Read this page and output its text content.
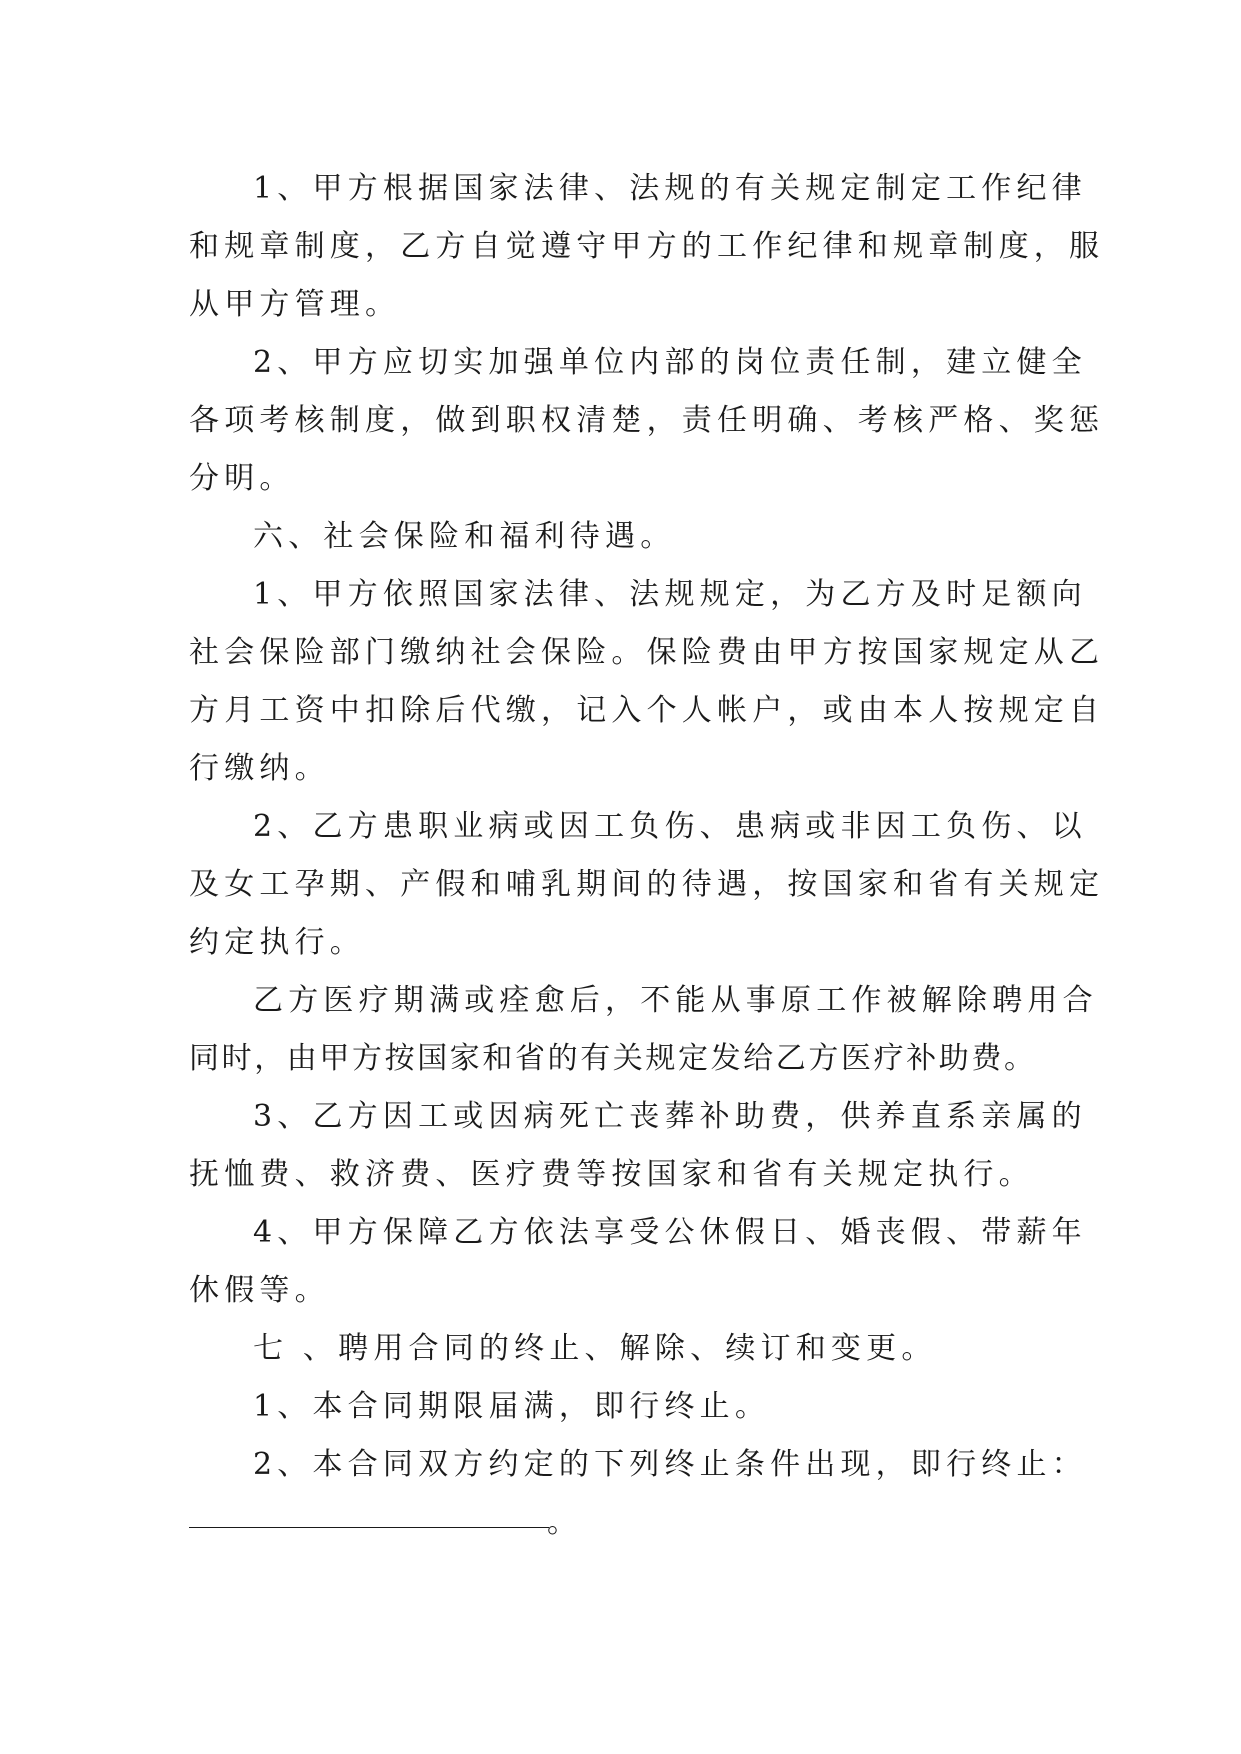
1、甲方根据国家法律、法规的有关规定制定工作纪律
和规章制度，乙方自觉遵守甲方的工作纪律和规章制度，服
从甲方管理。
2、甲方应切实加强单位内部的岗位责任制，建立健全
各项考核制度，做到职权清楚，责任明确、考核严格、奖惩
分明。
六、社会保险和福利待遇。
1、甲方依照国家法律、法规规定，为乙方及时足额向
社会保险部门缴纳社会保险。保险费由甲方按国家规定从乙
方月工资中扣除后代缴，记入个人帐户，或由本人按规定自
行缴纳。
2、乙方患职业病或因工负伤、患病或非因工负伤、以
及女工孕期、产假和哺乳期间的待遇，按国家和省有关规定
约定执行。
乙方医疗期满或痊愈后，不能从事原工作被解除聘用合
同时，由甲方按国家和省的有关规定发给乙方医疗补助费。
3、乙方因工或因病死亡丧葬补助费，供养直系亲属的
抚恤费、救济费、医疗费等按国家和省有关规定执行。
4、甲方保障乙方依法享受公休假日、婚丧假、带薪年
休假等。
七 、聘用合同的终止、解除、续订和变更。
1、本合同期限届满，即行终止。
2、本合同双方约定的下列终止条件出现，即行终止：
。
